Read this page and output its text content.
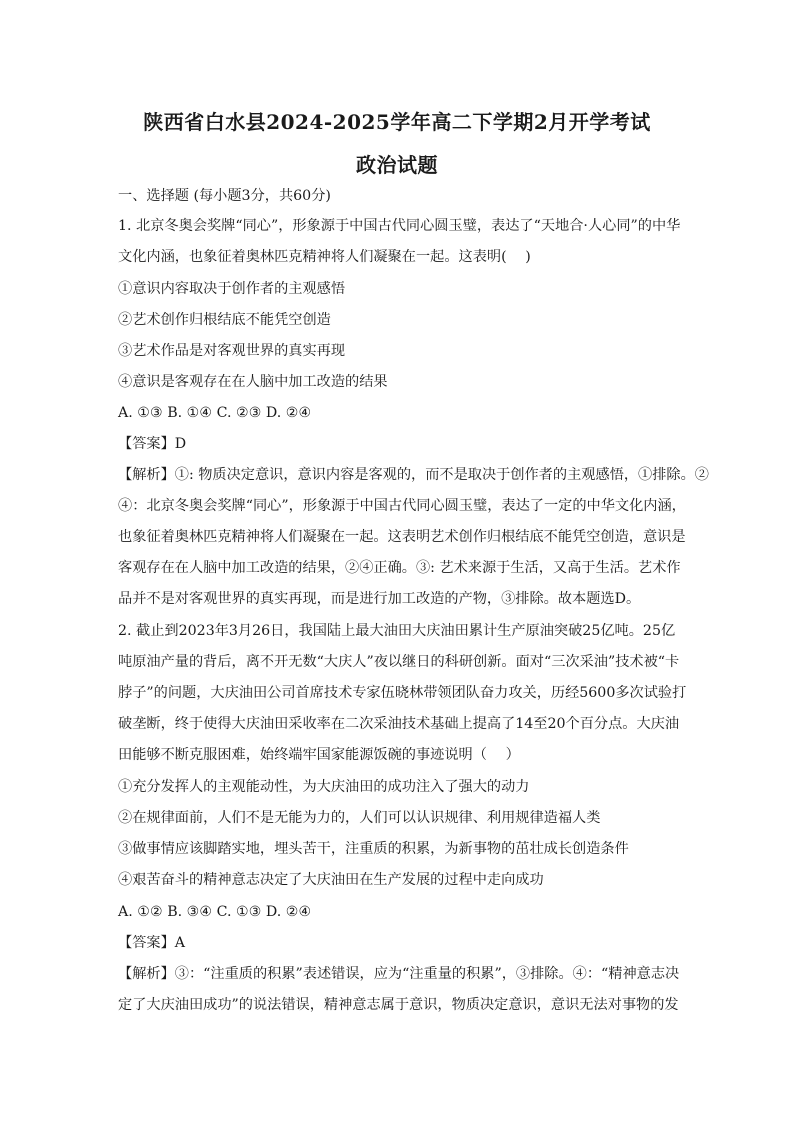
陕西省白水县2024-2025学年高二下学期2月开学考试
政治试题
一、选择题 (每小题3分，共60分)
1. 北京冬奥会奖牌“同心”，形象源于中国古代同心圆玉璧，表达了“天地合·人心同”的中华
文化内涵，也象征着奥林匹克精神将人们凝聚在一起。这表明(　 )
①意识内容取决于创作者的主观感悟
②艺术创作归根结底不能凭空创造
③艺术作品是对客观世界的真实再现
④意识是客观存在在人脑中加工改造的结果
A. ①③ B. ①④ C. ②③ D. ②④
【答案】D
【解析】①: 物质决定意识，意识内容是客观的，而不是取决于创作者的主观感悟，①排除。②
④：北京冬奥会奖牌“同心”，形象源于中国古代同心圆玉璧，表达了一定的中华文化内涵，
也象征着奥林匹克精神将人们凝聚在一起。这表明艺术创作归根结底不能凭空创造，意识是
客观存在在人脑中加工改造的结果，②④正确。③: 艺术来源于生活，又高于生活。艺术作
品并不是对客观世界的真实再现，而是进行加工改造的产物，③排除。故本题选D。
2. 截止到2023年3月26日，我国陆上最大油田大庆油田累计生产原油突破25亿吨。25亿
吨原油产量的背后，离不开无数“大庆人”夜以继日的科研创新。面对“三次采油”技术被“卡
脖子”的问题，大庆油田公司首席技术专家伍晓林带领团队奋力攻关，历经5600多次试验打
破垄断，终于使得大庆油田采收率在二次采油技术基础上提高了14至20个百分点。大庆油
田能够不断克服困难，始终端牢国家能源饭碗的事迹说明（　 ）
①充分发挥人的主观能动性，为大庆油田的成功注入了强大的动力
②在规律面前，人们不是无能为力的，人们可以认识规律、利用规律造福人类
③做事情应该脚踏实地，埋头苦干，注重质的积累，为新事物的茁壮成长创造条件
④艰苦奋斗的精神意志决定了大庆油田在生产发展的过程中走向成功
A. ①② B. ③④ C. ①③ D. ②④
【答案】A
【解析】③：“注重质的积累”表述错误，应为“注重量的积累”，③排除。④：“精神意志决
定了大庆油田成功”的说法错误，精神意志属于意识，物质决定意识，意识无法对事物的发
